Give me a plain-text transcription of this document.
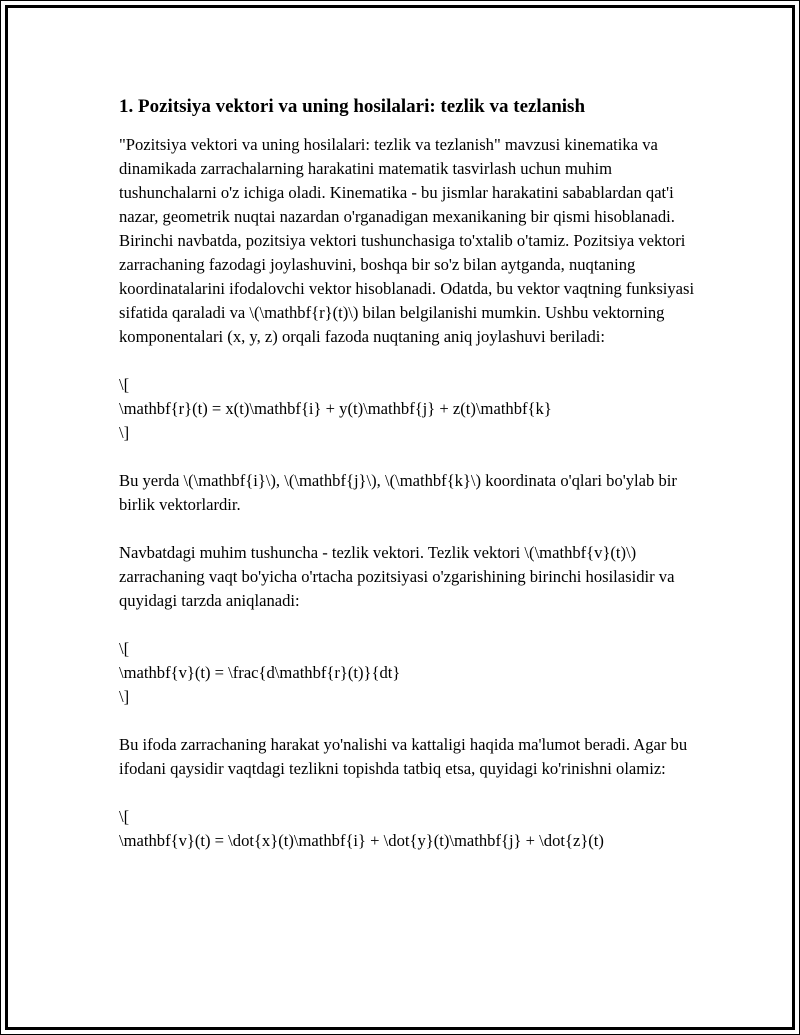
1. Pozitsiya vektori va uning hosilalari: tezlik va tezlanish

"Pozitsiya vektori va uning hosilalari: tezlik va tezlanish" mavzusi kinematika va dinamikada zarrachalarning harakatini matematik tasvirlash uchun muhim tushunchalarni o'z ichiga oladi. Kinematika - bu jismlar harakatini sabablardan qat'i nazar, geometrik nuqtai nazardan o'rganadigan mexanikaning bir qismi hisoblanadi. Birinchi navbatda, pozitsiya vektori tushunchasiga to'xtalib o'tamiz. Pozitsiya vektori zarrachaning fazodagi joylashuvini, boshqa bir so'z bilan aytganda, nuqtaning koordinatalarini ifodalovchi vektor hisoblanadi. Odatda, bu vektor vaqtning funksiyasi sifatida qaraladi va \(\mathbf{r}(t)\) bilan belgilanishi mumkin. Ushbu vektorning komponentalari (x, y, z) orqali fazoda nuqtaning aniq joylashuvi beriladi:

\[
\mathbf{r}(t) = x(t)\mathbf{i} + y(t)\mathbf{j} + z(t)\mathbf{k}
\]

Bu yerda \(\mathbf{i}\), \(\mathbf{j}\), \(\mathbf{k}\) koordinata o'qlari bo'ylab bir birlik vektorlardir.

Navbatdagi muhim tushuncha - tezlik vektori. Tezlik vektori \(\mathbf{v}(t)\) zarrachaning vaqt bo'yicha o'rtacha pozitsiyasi o'zgarishining birinchi hosilasidir va quyidagi tarzda aniqlanadi:

\[
\mathbf{v}(t) = \frac{d\mathbf{r}(t)}{dt}
\]

Bu ifoda zarrachaning harakat yo'nalishi va kattaligi haqida ma'lumot beradi. Agar bu ifodani qaysidir vaqtdagi tezlikni topishda tatbiq etsa, quyidagi ko'rinishni olamiz:

\[
\mathbf{v}(t) = \dot{x}(t)\mathbf{i} + \dot{y}(t)\mathbf{j} + \dot{z}(t)
